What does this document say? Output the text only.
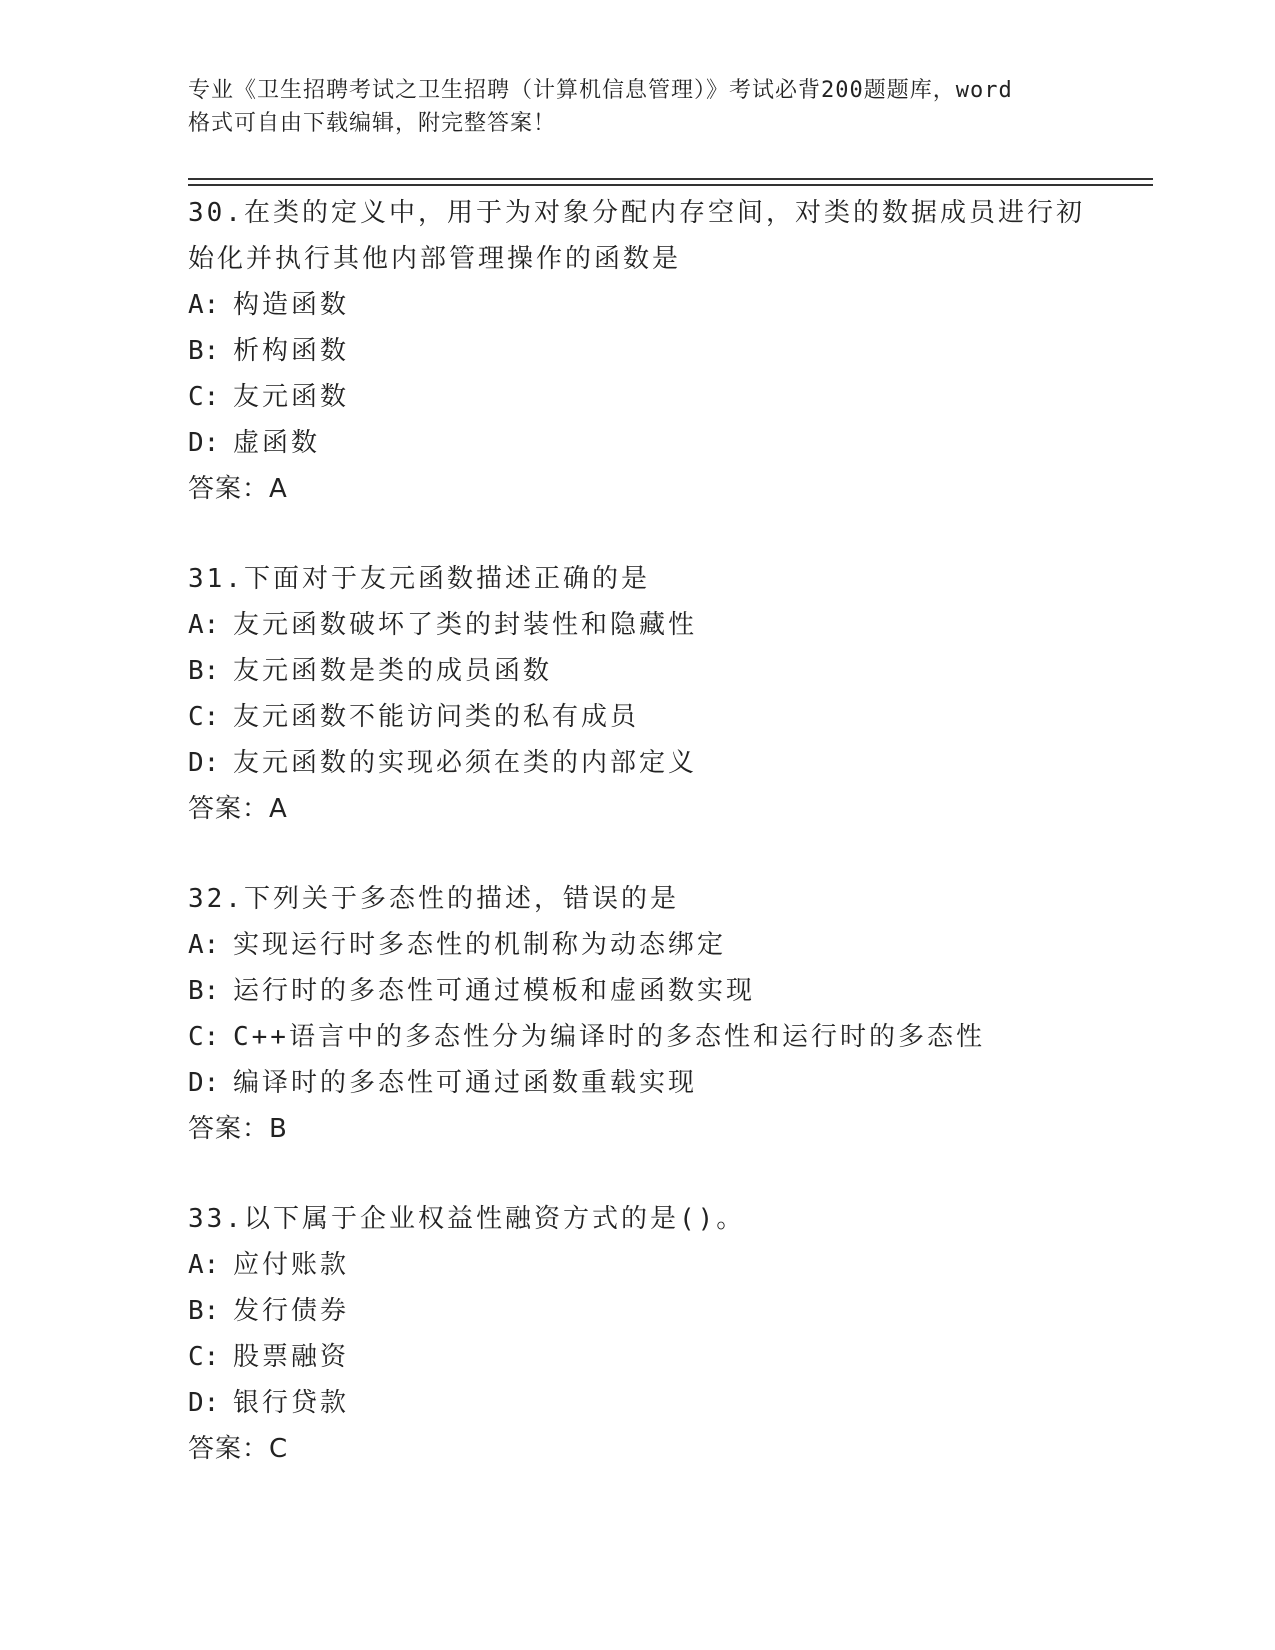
专业《卫生招聘考试之卫生招聘（计算机信息管理）》考试必背200题题库，word
格式可自由下载编辑，附完整答案！
30.在类的定义中，用于为对象分配内存空间，对类的数据成员进行初
始化并执行其他内部管理操作的函数是
A: 构造函数
B: 析构函数
C: 友元函数
D: 虚函数
答案：A
31.下面对于友元函数描述正确的是
A: 友元函数破坏了类的封装性和隐藏性
B: 友元函数是类的成员函数
C: 友元函数不能访问类的私有成员
D: 友元函数的实现必须在类的内部定义
答案：A
32.下列关于多态性的描述，错误的是
A: 实现运行时多态性的机制称为动态绑定
B: 运行时的多态性可通过模板和虚函数实现
C: C++语言中的多态性分为编译时的多态性和运行时的多态性
D: 编译时的多态性可通过函数重载实现
答案：B
33.以下属于企业权益性融资方式的是()。
A: 应付账款
B: 发行债券
C: 股票融资
D: 银行贷款
答案：C
